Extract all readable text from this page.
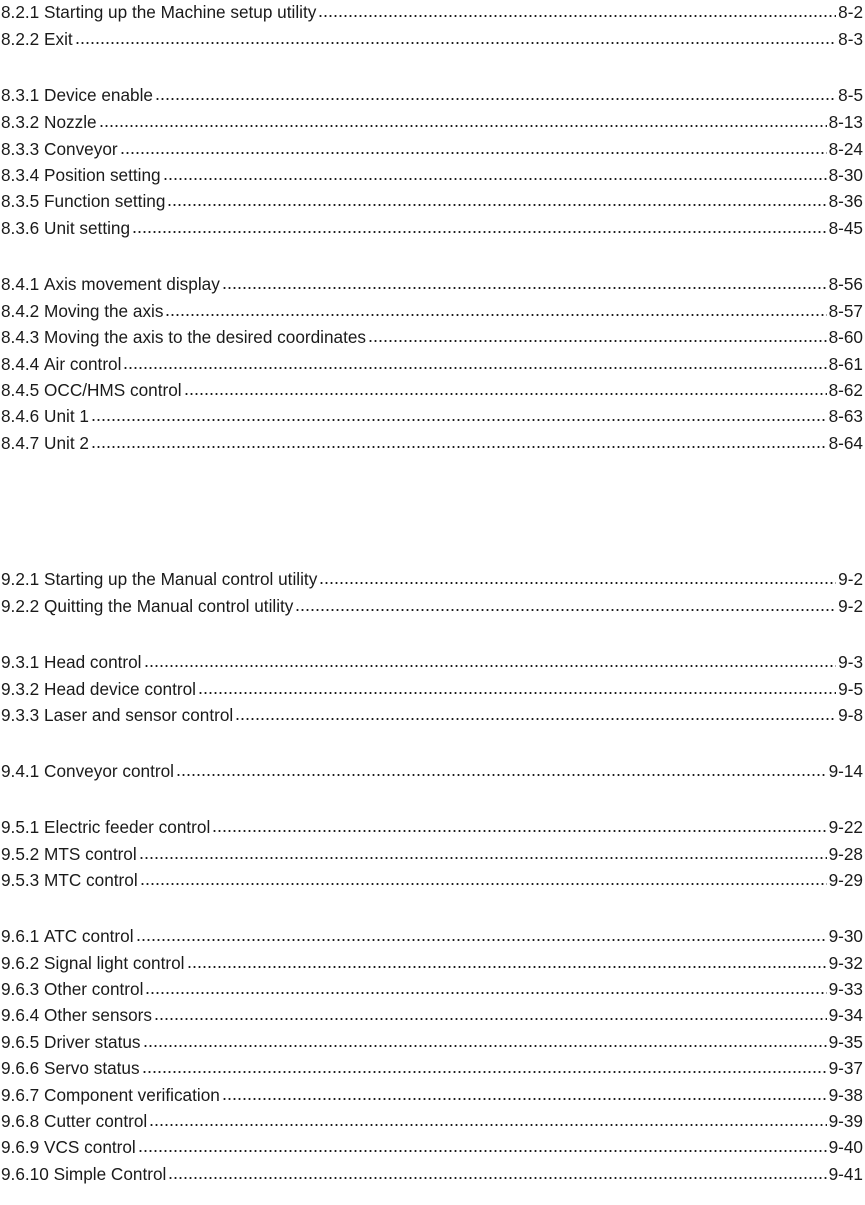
8.2.1 Starting up the Machine setup utility	8-2
8.2.2 Exit	8-3
8.3.1 Device enable	8-5
8.3.2 Nozzle	8-13
8.3.3 Conveyor	8-24
8.3.4 Position setting	8-30
8.3.5 Function setting	8-36
8.3.6 Unit setting	8-45
8.4.1 Axis movement display	8-56
8.4.2 Moving the axis	8-57
8.4.3 Moving the axis to the desired coordinates	8-60
8.4.4 Air control	8-61
8.4.5 OCC/HMS control	8-62
8.4.6 Unit 1	8-63
8.4.7 Unit 2	8-64
9.2.1 Starting up the Manual control utility	9-2
9.2.2 Quitting the Manual control utility	9-2
9.3.1 Head control	9-3
9.3.2 Head device control	9-5
9.3.3 Laser and sensor control	9-8
9.4.1 Conveyor control	9-14
9.5.1 Electric feeder control	9-22
9.5.2 MTS control	9-28
9.5.3 MTC control	9-29
9.6.1 ATC control	9-30
9.6.2 Signal light control	9-32
9.6.3 Other control	9-33
9.6.4 Other sensors	9-34
9.6.5 Driver status	9-35
9.6.6 Servo status	9-37
9.6.7 Component verification	9-38
9.6.8 Cutter control	9-39
9.6.9 VCS control	9-40
9.6.10 Simple Control	9-41
